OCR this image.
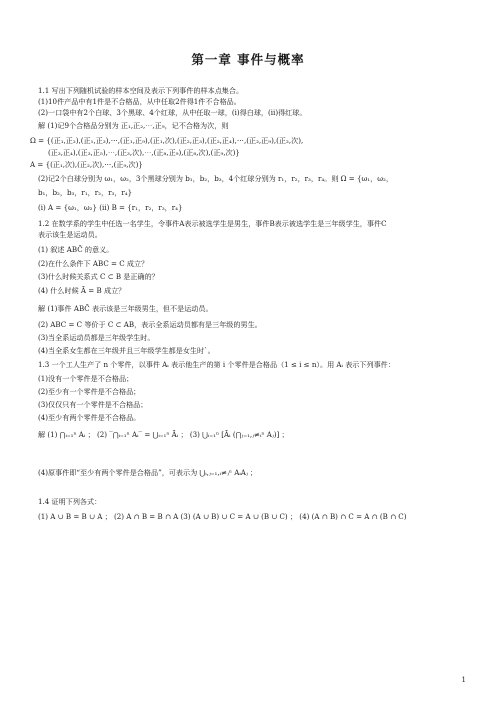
第一章 事件与概率
1.1 写出下列随机试验的样本空间及表示下列事件的样本点集合。
(1)10件产品中有1件是不合格品，从中任取2件得1件不合格品。
(2)一口袋中有2个白球、3个黑球、4个红球，从中任取一球，(ⅰ)得白球，(ⅱ)得红球。
解 (1)记9个合格品分别为 正₁,正₂,⋯,正₉，记不合格为次，则
Ω = {(正₁,正₂),(正₁,正₃),⋯,(正₁,正₉),(正₁,次),(正₂,正₃),(正₂,正₄),⋯,(正₂,正₉),(正₂,次),
(正₃,正₄),(正₃,正₅),⋯,(正₃,次),⋯,(正₈,正₉),(正₈,次),(正₉,次)}
A = {(正₁,次),(正₂,次),⋯,(正₉,次)}
(2)记2个白球分别为 ω₁，ω₂，3个黑球分别为 b₁，b₂，b₃，4个红球分别为 r₁，r₂，r₃，r₄。则 Ω = {ω₁，ω₂，
b₁，b₂，b₃，r₁，r₂，r₃，r₄}
(ⅰ) A = {ω₁，ω₂} (ⅱ) B = {r₁，r₂，r₃，r₄}
1.2 在数学系的学生中任选一名学生，令事件A表示被选学生是男生，事件B表示被选学生是三年级学生，事件C
表示该生是运动员。
(1) 叙述 ABC̄ 的意义。
(2)在什么条件下 ABC = C 成立？
(3)什么时候关系式 C ⊂ B 是正确的？
(4) 什么时候 Ā = B 成立？
解 (1)事件 ABC̄ 表示该是三年级男生，但不是运动员。
(2) ABC = C 等价于 C ⊂ AB，表示全系运动员都有是三年级的男生。
(3)当全系运动员都是三年级学生时。
(4)当全系女生都在三年级并且三年级学生都是女生时`。
1.3 一个工人生产了 n 个零件，以事件 Aᵢ 表示他生产的第 i 个零件是合格品（1 ≤ i ≤ n）。用 Aᵢ 表示下列事件：
(1)没有一个零件是不合格品；
(2)至少有一个零件是不合格品；
(3)仅仅只有一个零件是不合格品；
(4)至少有两个零件是不合格品。
解 (1) ⋂ᵢ₌₁ⁿ Aᵢ ； (2) ‾⋂ᵢ₌₁ⁿ Aᵢ‾ = ⋃ᵢ₌₁ⁿ Āᵢ ； (3) ⋃ᵢ₌₁ⁿ [Āᵢ (⋂ⱼ₌₁,ⱼ≠ᵢⁿ Aⱼ)] ；
(4)原事件即“至少有两个零件是合格品”，可表示为 ⋃ᵢ,ⱼ₌₁,ᵢ≠ⱼⁿ AᵢAⱼ ；
1.4 证明下列各式：
(1) A ∪ B = B ∪ A ； (2) A ∩ B = B ∩ A (3) (A ∪ B) ∪ C = A ∪ (B ∪ C) ； (4) (A ∩ B) ∩ C = A ∩ (B ∩ C)
1
